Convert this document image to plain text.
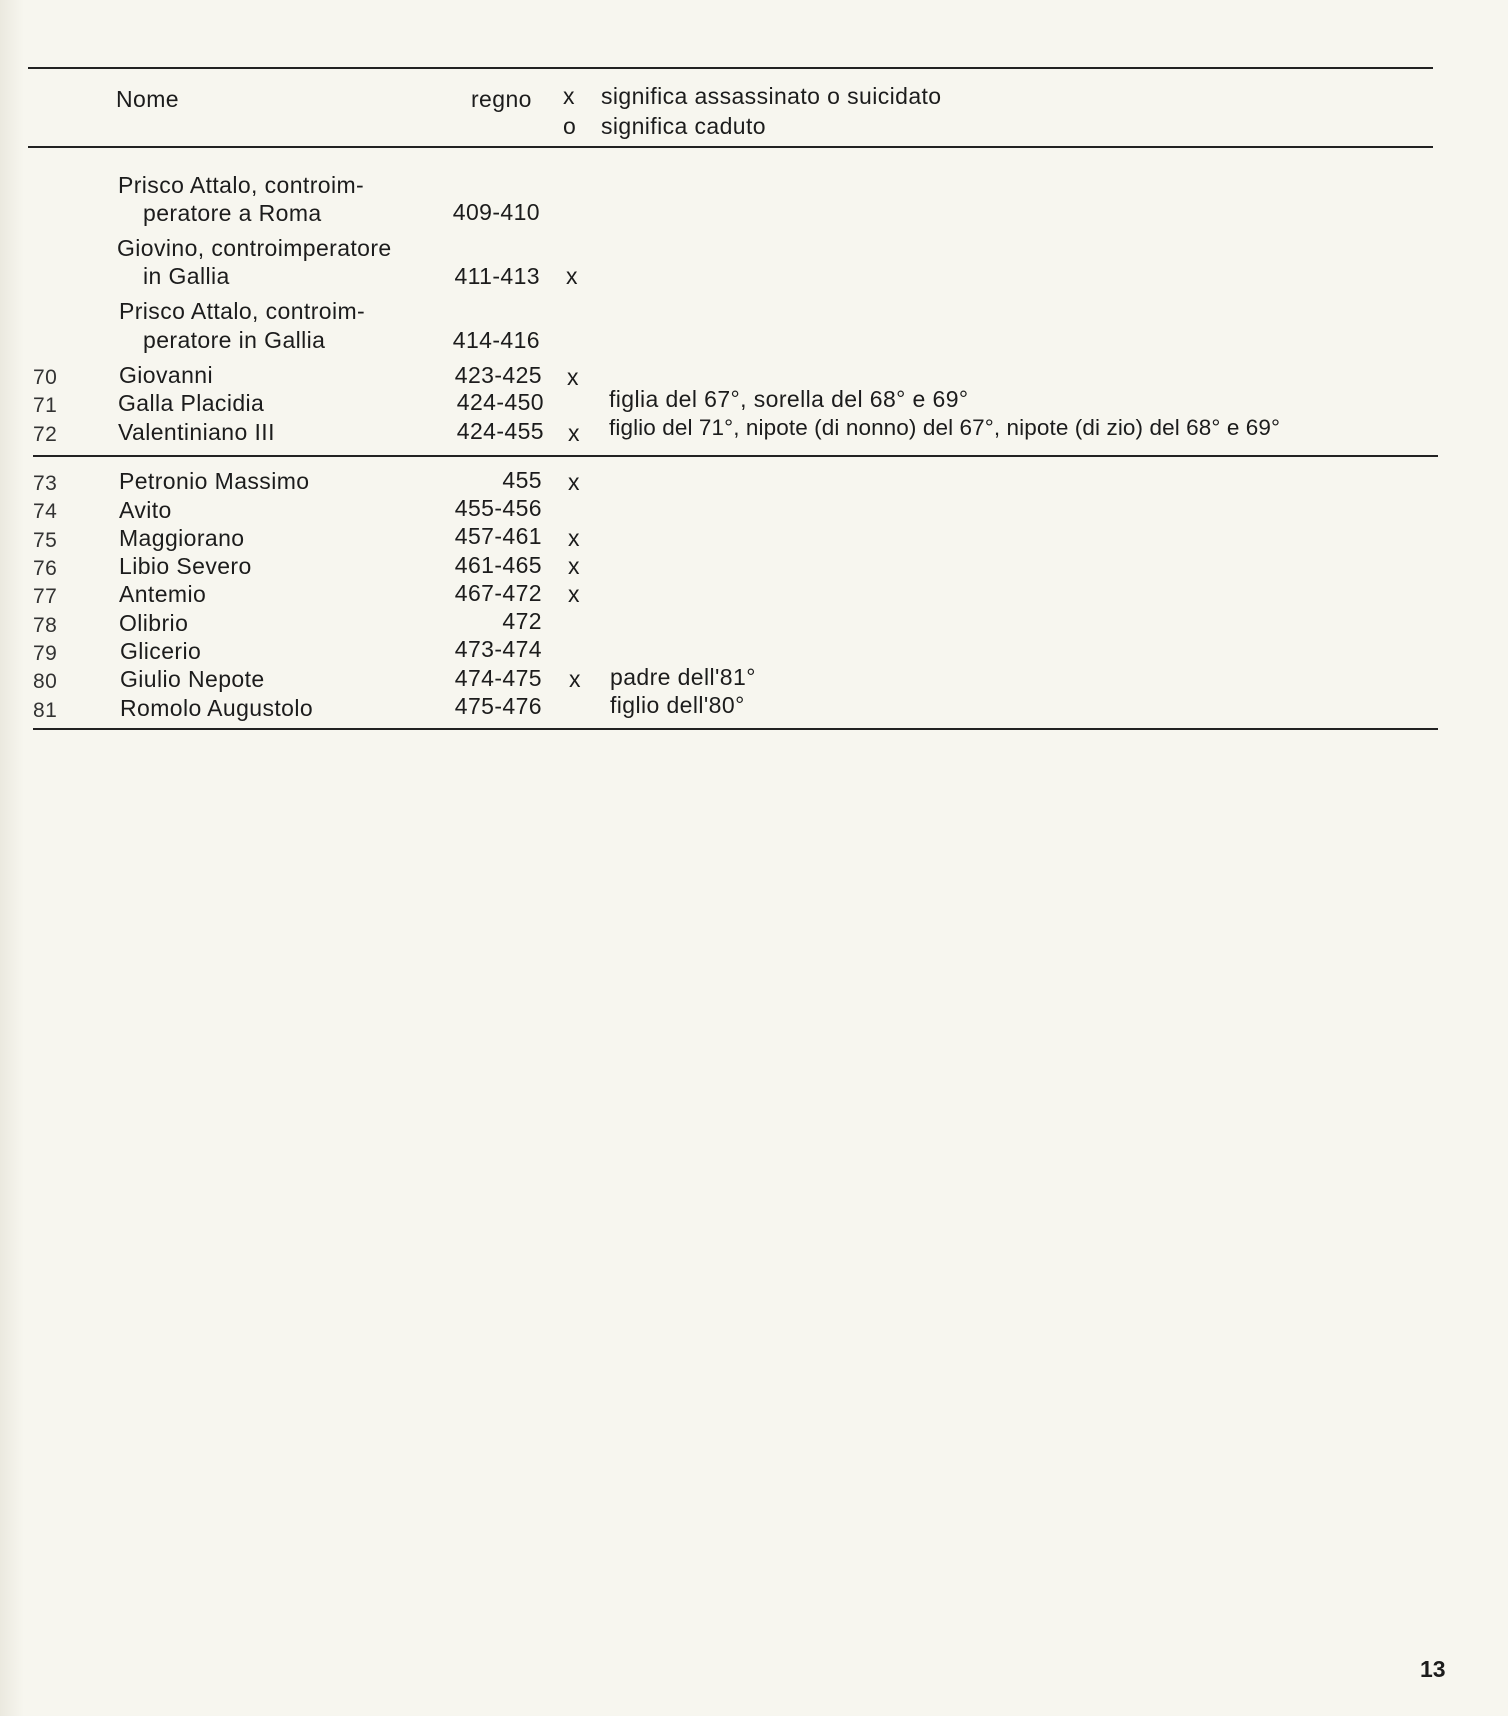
Nome	regno x significa assassinato o suicidato
o significa caduto
Prisco Attalo, controim-
peratore a Roma	409-410
Giovino, controimperatore
in Gallia	411-413 x
Prisco Attalo, controim-
peratore in Gallia	414-416
70	Giovanni	423-425 x
71	Galla Placidia	424-450	figlia del 67°, sorella del 68° e 69°
72	Valentiniano III	424-455 x figlio del 71°, nipote (di nonno) del 67°, nipote (di zio) del 68° e 69°
73	Petronio Massimo	455 x
74	Avito	455-456
75	Maggiorano	457-461 x
76	Libio Severo	461-465 x
77	Antemio	467-472 x
78	Olibrio	472
79	Glicerio	473-474
80	Giulio Nepote	474-475 x padre dell'81°
81	Romolo Augustolo	475-476	figlio dell'80°
13
